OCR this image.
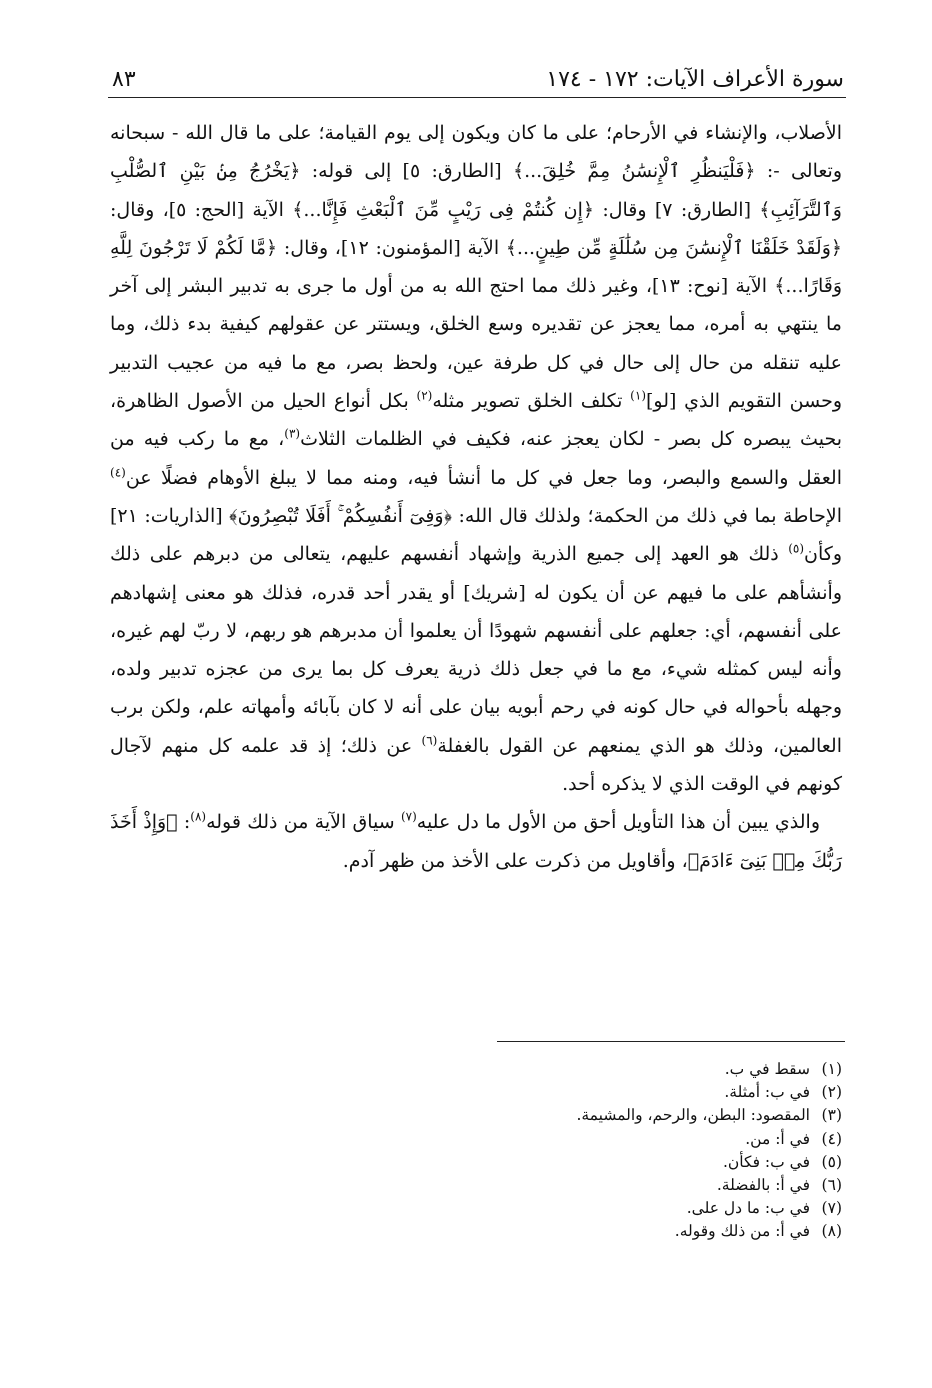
سورة الأعراف الآيات: ١٧٢ - ١٧٤
٨٣

الأصلاب، والإنشاء في الأرحام؛ على ما كان ويكون إلى يوم القيامة؛ على ما قال الله - سبحانه وتعالى -: ﴿فَلْيَنظُرِ ٱلْإِنسَٰنُ مِمَّ خُلِقَ...﴾ [الطارق: ٥] إلى قوله: ﴿يَخْرُجُ مِنۢ بَيْنِ ٱلصُّلْبِ وَٱلتَّرَآئِبِ﴾ [الطارق: ٧] وقال: ﴿إِن كُنتُمْ فِى رَيْبٍ مِّنَ ٱلْبَعْثِ فَإِنَّا...﴾ الآية [الحج: ٥]، وقال: ﴿وَلَقَدْ خَلَقْنَا ٱلْإِنسَٰنَ مِن سُلَٰلَةٍ مِّن طِينٍ...﴾ الآية [المؤمنون: ١٢]، وقال: ﴿مَّا لَكُمْ لَا تَرْجُونَ لِلَّهِ وَقَارًا...﴾ الآية [نوح: ١٣]، وغير ذلك مما احتج الله به من أول ما جرى به تدبير البشر إلى آخر ما ينتهي به أمره، مما يعجز عن تقديره وسع الخلق، ويستتر عن عقولهم كيفية بدء ذلك، وما عليه تنقله من حال إلى حال في كل طرفة عين، ولحظ بصر، مع ما فيه من عجيب التدبير وحسن التقويم الذي [لو]$^{(١)}$ تكلف الخلق تصوير مثله$^{(٢)}$ بكل أنواع الحيل من الأصول الظاهرة، بحيث يبصره كل بصر - لكان يعجز عنه، فكيف في الظلمات الثلاث$^{(٣)}$، مع ما ركب فيه من العقل والسمع والبصر، وما جعل في كل ما أنشأ فيه، ومنه مما لا يبلغ الأوهام فضلًا عن$^{(٤)}$ الإحاطة بما في ذلك من الحكمة؛ ولذلك قال الله: ﴿وَفِىٓ أَنفُسِكُمْ ۚ أَفَلَا تُبْصِرُونَ﴾ [الذاريات: ٢١] وكأن$^{(٥)}$ ذلك هو العهد إلى جميع الذرية وإشهاد أنفسهم عليهم، يتعالى من دبرهم على ذلك وأنشأهم على ما فيهم عن أن يكون له [شريك] أو يقدر أحد قدره، فذلك هو معنى إشهادهم على أنفسهم، أي: جعلهم على أنفسهم شهودًا أن يعلموا أن مدبرهم هو ربهم، لا ربّ لهم غيره، وأنه ليس كمثله شيء، مع ما في جعل ذلك ذرية يعرف كل بما يرى من عجزه تدبير ولده، وجهله بأحواله في حال كونه في رحم أبويه بيان على أنه لا كان بآبائه وأمهاته علم، ولكن برب العالمين، وذلك هو الذي يمنعهم عن القول بالغفلة$^{(٦)}$ عن ذلك؛ إذ قد علمه كل منهم لآجال كونهم في الوقت الذي لا يذكره أحد.

والذي يبين أن هذا التأويل أحق من الأول ما دل عليه$^{(٧)}$ سياق الآية من ذلك قوله$^{(٨)}$: ﴿وَإِذْ أَخَذَ رَبُّكَ مِنۢ بَنِىٓ ءَادَمَ﴾، وأقاويل من ذكرت على الأخذ من ظهر آدم.

(١)
سقط في ب.
(٢)
في ب: أمثلة.
(٣)
المقصود: البطن، والرحم، والمشيمة.
(٤)
في أ: من.
(٥)
في ب: فكأن.
(٦)
في أ: بالفضلة.
(٧)
في ب: ما دل على.
(٨)
في أ: من ذلك وقوله.
